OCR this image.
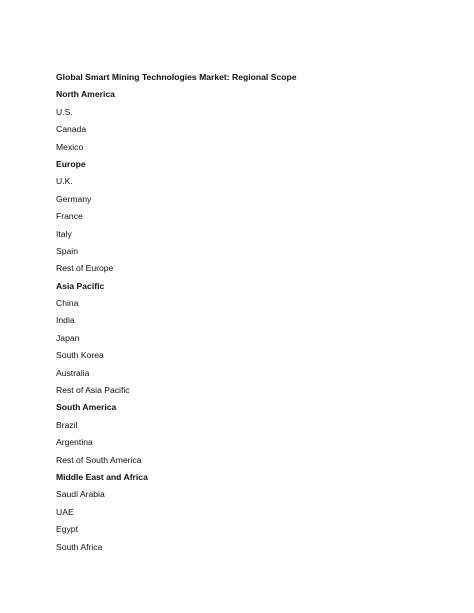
Global Smart Mining Technologies Market: Regional Scope
North America
U.S.
Canada
Mexico
Europe
U.K.
Germany
France
Italy
Spain
Rest of Europe
Asia Pacific
China
India
Japan
South Korea
Australia
Rest of Asia Pacific
South America
Brazil
Argentina
Rest of South America
Middle East and Africa
Saudi Arabia
UAE
Egypt
South Africa
